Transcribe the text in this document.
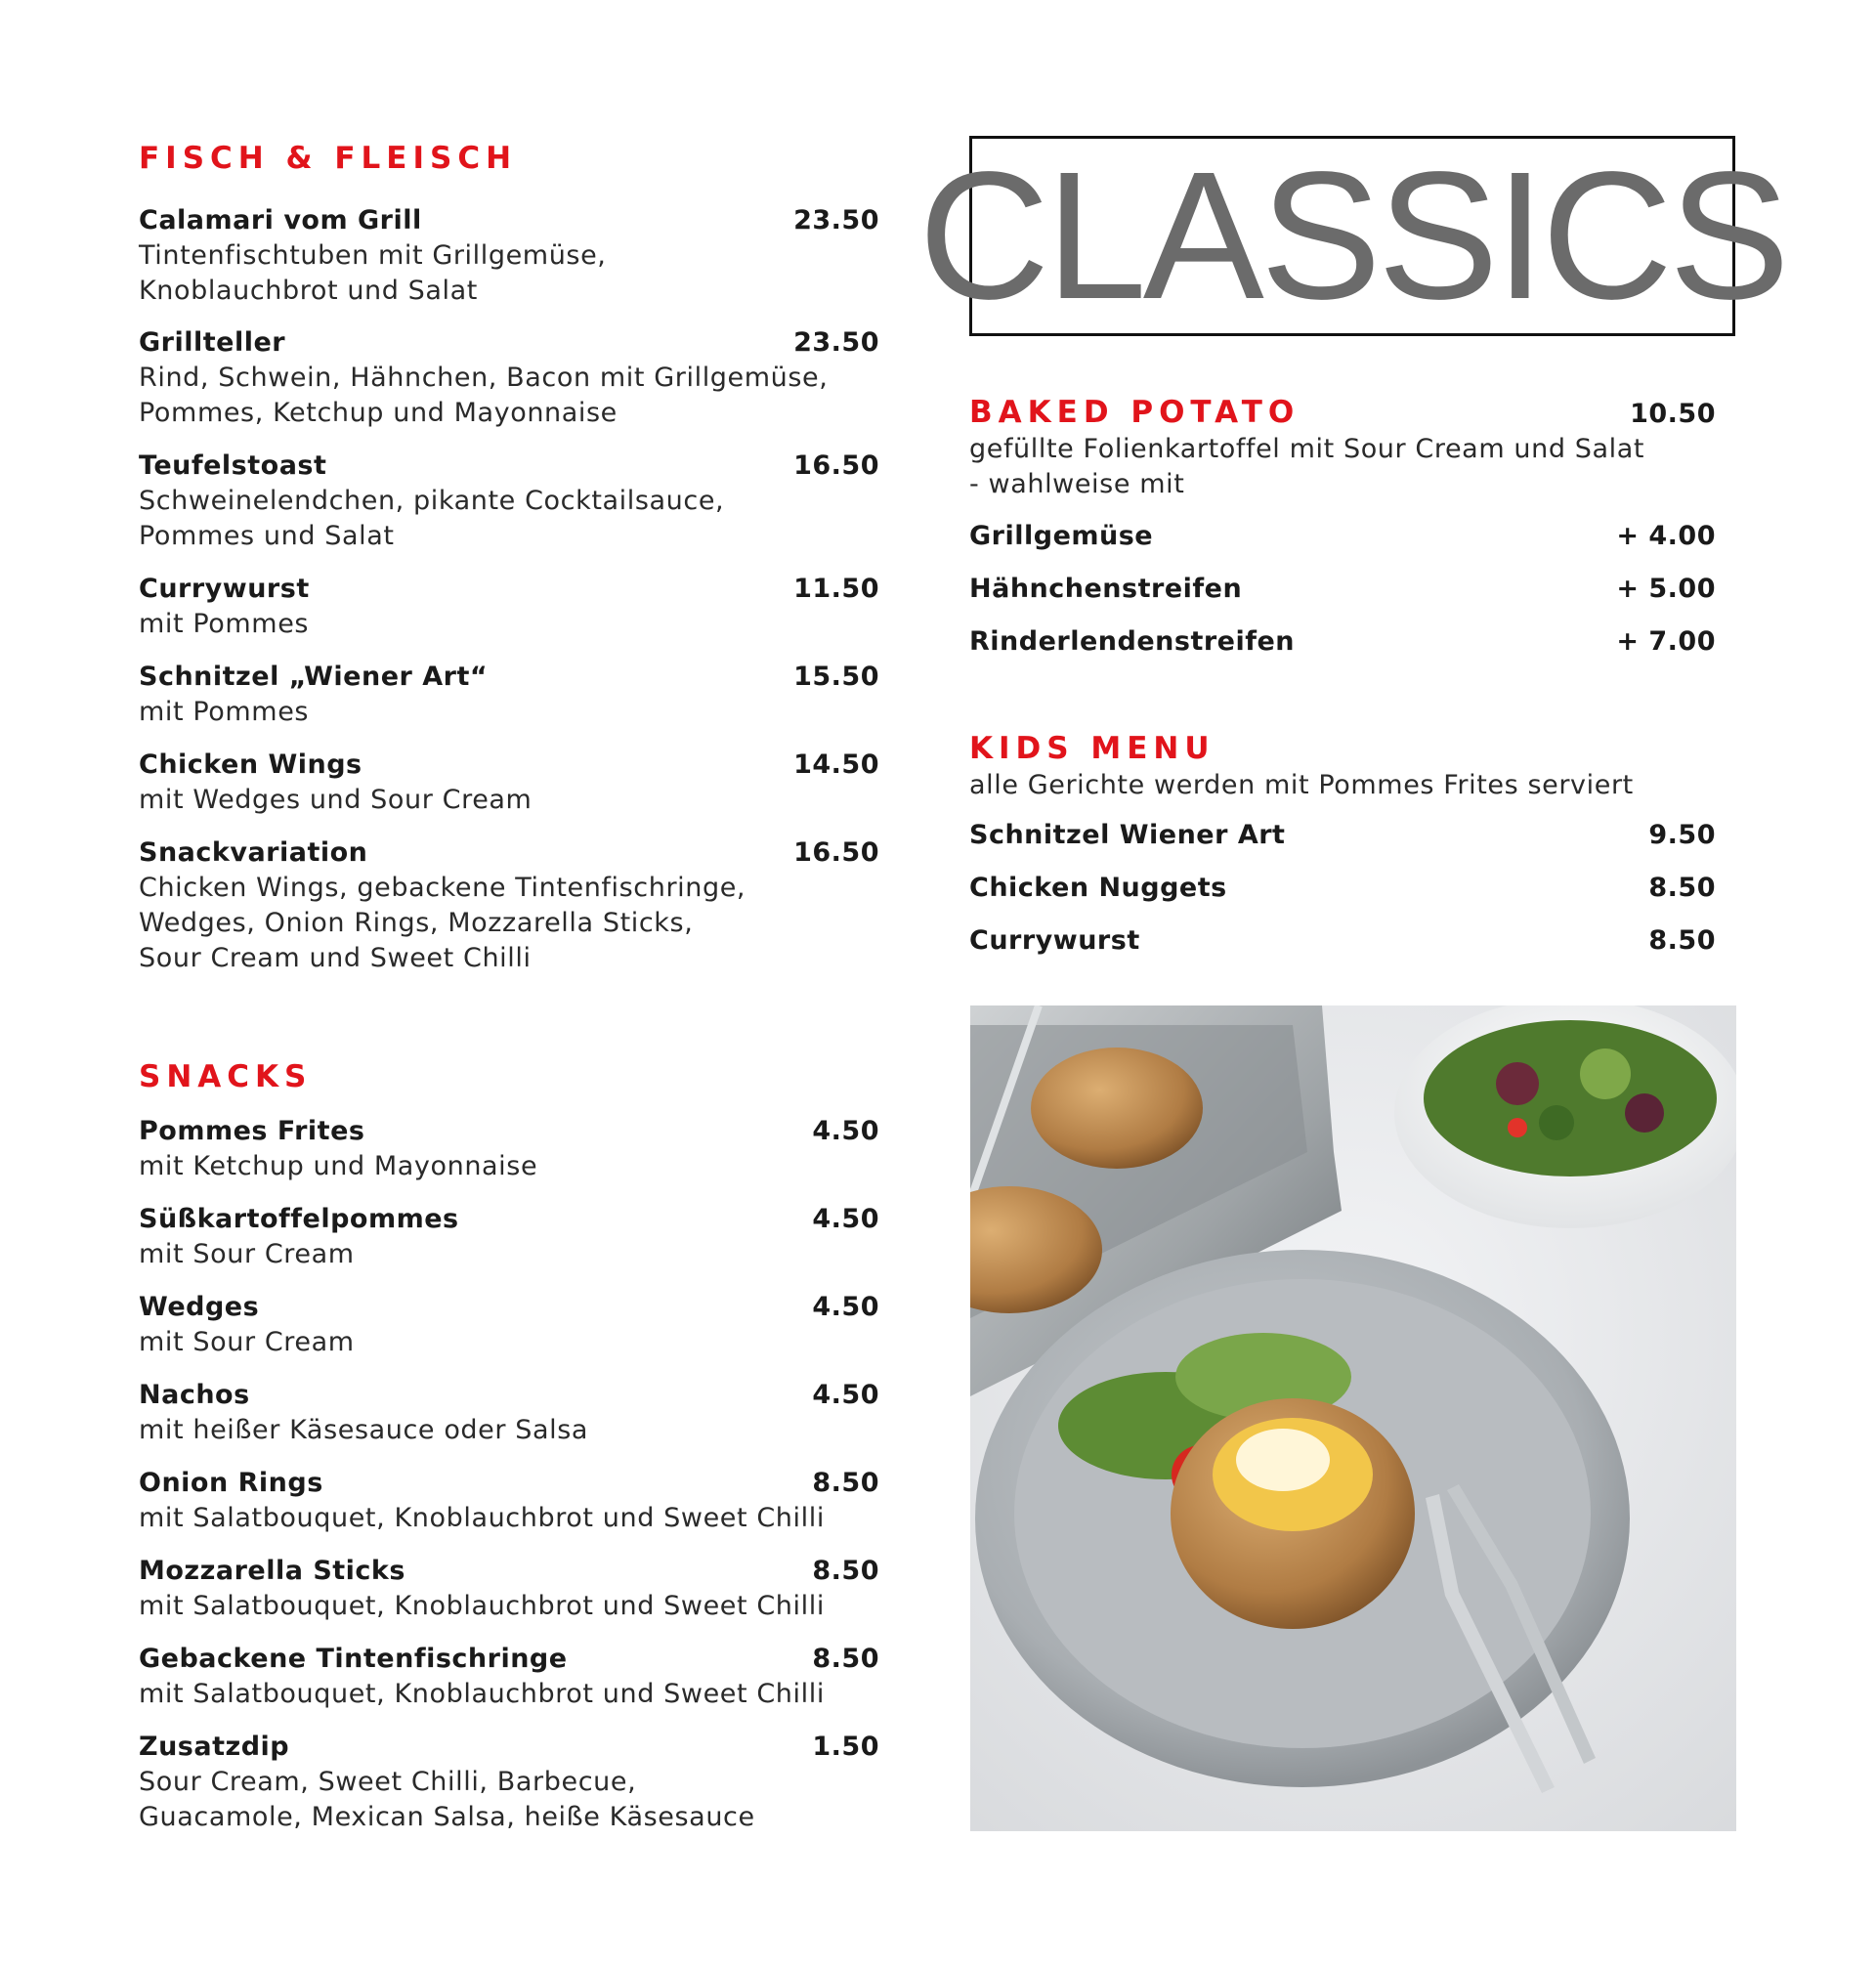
FISCH & FLEISCH
Calamari vom Grill	23.50
Tintenfischtuben mit Grillgemüse,
Knoblauchbrot und Salat
Grillteller	23.50
Rind, Schwein, Hähnchen, Bacon mit Grillgemüse,
Pommes, Ketchup und Mayonnaise
Teufelstoast	16.50
Schweinelendchen, pikante Cocktailsauce,
Pommes und Salat
Currywurst	11.50
mit Pommes
Schnitzel „Wiener Art“	15.50
mit Pommes
Chicken Wings	14.50
mit Wedges und Sour Cream
Snackvariation	16.50
Chicken Wings, gebackene Tintenfischringe,
Wedges, Onion Rings, Mozzarella Sticks,
Sour Cream und Sweet Chilli
SNACKS
Pommes Frites	4.50
mit Ketchup und Mayonnaise
Süßkartoffelpommes	4.50
mit Sour Cream
Wedges	4.50
mit Sour Cream
Nachos	4.50
mit heißer Käsesauce oder Salsa
Onion Rings	8.50
mit Salatbouquet, Knoblauchbrot und Sweet Chilli
Mozzarella Sticks	8.50
mit Salatbouquet, Knoblauchbrot und Sweet Chilli
Gebackene Tintenfischringe	8.50
mit Salatbouquet, Knoblauchbrot und Sweet Chilli
Zusatzdip	1.50
Sour Cream, Sweet Chilli, Barbecue,
Guacamole, Mexican Salsa, heiße Käsesauce
CLASSICS
BAKED POTATO	10.50
gefüllte Folienkartoffel mit Sour Cream und Salat
- wahlweise mit
Grillgemüse	+ 4.00
Hähnchenstreifen	+ 5.00
Rinderlendenstreifen	+ 7.00
KIDS MENU
alle Gerichte werden mit Pommes Frites serviert
Schnitzel Wiener Art	9.50
Chicken Nuggets	8.50
Currywurst	8.50
